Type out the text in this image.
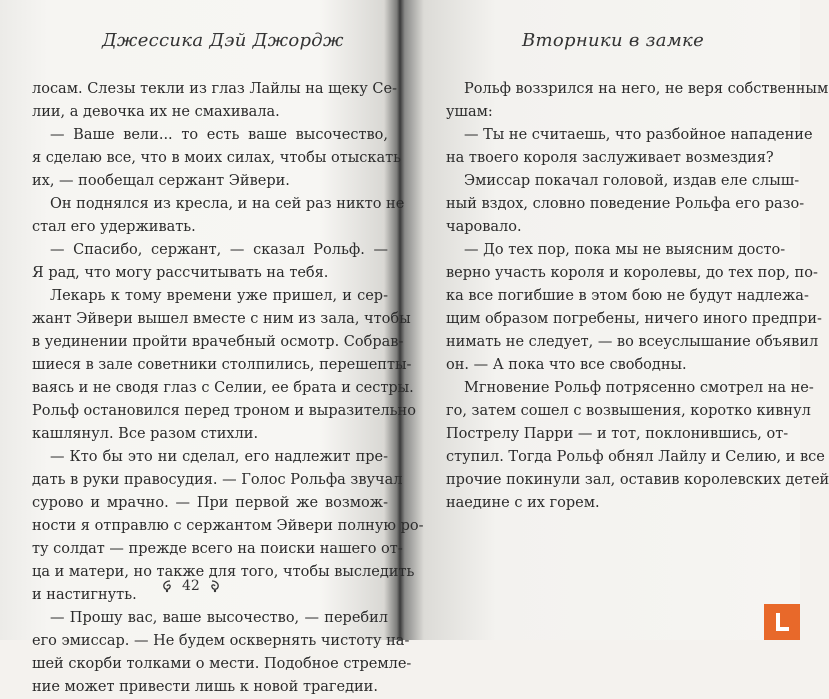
Джессика Дэй Джордж
лосам. Слезы текли из глаз Лайлы на щеку Се-
лии, а девочка их не смахивала.
— Ваше вели... то есть ваше высочество,
я сделаю все, что в моих силах, чтобы отыскать
их, — пообещал сержант Эйвери.
Он поднялся из кресла, и на сей раз никто не
стал его удерживать.
— Спасибо, сержант, — сказал Рольф. —
Я рад, что могу рассчитывать на тебя.
Лекарь к тому времени уже пришел, и сер-
жант Эйвери вышел вместе с ним из зала, чтобы
в уединении пройти врачебный осмотр. Собрав-
шиеся в зале советники столпились, перешепты-
ваясь и не сводя глаз с Селии, ее брата и сестры.
Рольф остановился перед троном и выразительно
кашлянул. Все разом стихли.
— Кто бы это ни сделал, его надлежит пре-
дать в руки правосудия. — Голос Рольфа звучал
сурово и мрачно. — При первой же возмож-
ности я отправлю с сержантом Эйвери полную ро-
ту солдат — прежде всего на поиски нашего от-
ца и матери, но также для того, чтобы выследить
и настигнуть.
— Прошу вас, ваше высочество, — перебил
его эмиссар. — Не будем осквернять чистоту на-
шей скорби толками о мести. Подобное стремле-
ние может привести лишь к новой трагедии.
42
Вторники в замке
Рольф воззрился на него, не веря собственным
ушам:
— Ты не считаешь, что разбойное нападение
на твоего короля заслуживает возмездия?
Эмиссар покачал головой, издав еле слыш-
ный вздох, словно поведение Рольфа его разо-
чаровало.
— До тех пор, пока мы не выясним досто-
верно участь короля и королевы, до тех пор, по-
ка все погибшие в этом бою не будут надлежа-
щим образом погребены, ничего иного предпри-
нимать не следует, — во всеуслышание объявил
он. — А пока что все свободны.
Мгновение Рольф потрясенно смотрел на не-
го, затем сошел с возвышения, коротко кивнул
Пострелу Парри — и тот, поклонившись, от-
ступил. Тогда Рольф обнял Лайлу и Селию, и все
прочие покинули зал, оставив королевских детей
наедине с их горем.
